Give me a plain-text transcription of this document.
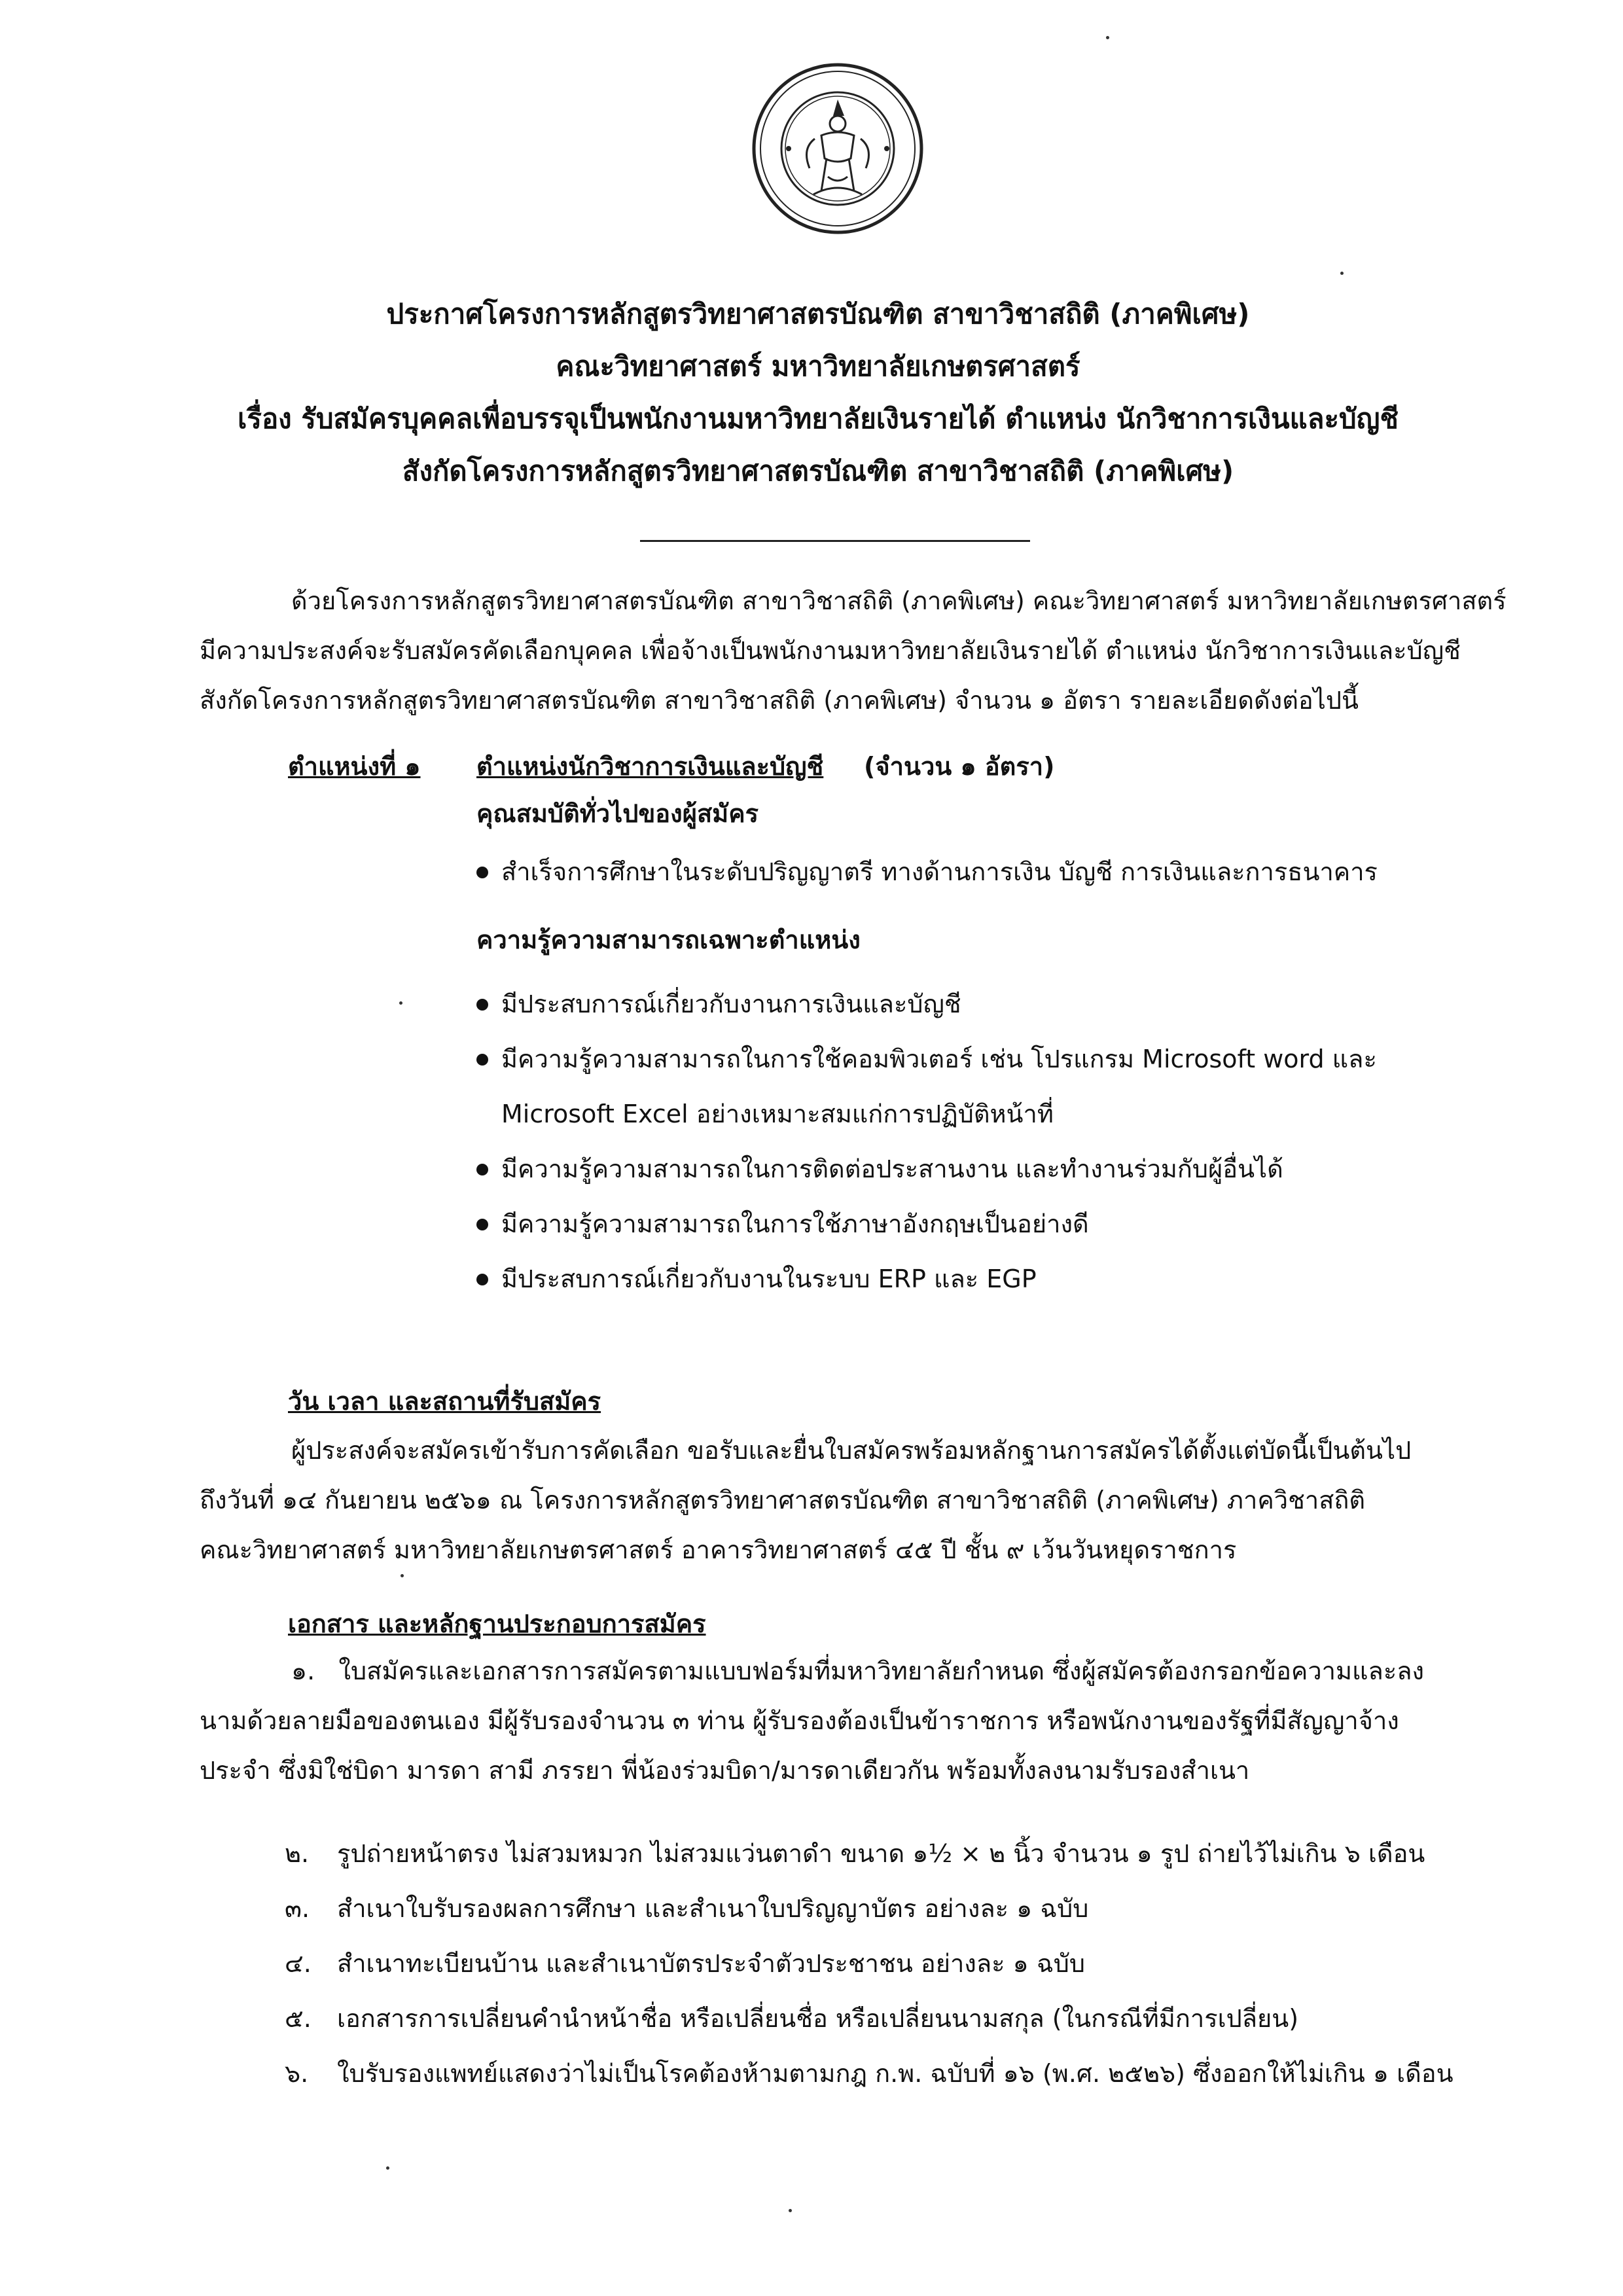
ประกาศโครงการหลักสูตรวิทยาศาสตรบัณฑิต สาขาวิชาสถิติ (ภาคพิเศษ)
คณะวิทยาศาสตร์ มหาวิทยาลัยเกษตรศาสตร์
เรื่อง รับสมัครบุคคลเพื่อบรรจุเป็นพนักงานมหาวิทยาลัยเงินรายได้ ตำแหน่ง นักวิชาการเงินและบัญชี
สังกัดโครงการหลักสูตรวิทยาศาสตรบัณฑิต สาขาวิชาสถิติ (ภาคพิเศษ)
ด้วยโครงการหลักสูตรวิทยาศาสตรบัณฑิต สาขาวิชาสถิติ (ภาคพิเศษ) คณะวิทยาศาสตร์ มหาวิทยาลัยเกษตรศาสตร์
มีความประสงค์จะรับสมัครคัดเลือกบุคคล เพื่อจ้างเป็นพนักงานมหาวิทยาลัยเงินรายได้ ตำแหน่ง นักวิชาการเงินและบัญชี
สังกัดโครงการหลักสูตรวิทยาศาสตรบัณฑิต สาขาวิชาสถิติ (ภาคพิเศษ) จำนวน ๑ อัตรา รายละเอียดดังต่อไปนี้
ตำแหน่งที่ ๑ ตำแหน่งนักวิชาการเงินและบัญชี (จำนวน ๑ อัตรา)
คุณสมบัติทั่วไปของผู้สมัคร
สำเร็จการศึกษาในระดับปริญญาตรี ทางด้านการเงิน บัญชี การเงินและการธนาคาร
ความรู้ความสามารถเฉพาะตำแหน่ง
มีประสบการณ์เกี่ยวกับงานการเงินและบัญชี
มีความรู้ความสามารถในการใช้คอมพิวเตอร์ เช่น โปรแกรม Microsoft word และ
Microsoft Excel อย่างเหมาะสมแก่การปฏิบัติหน้าที่
มีความรู้ความสามารถในการติดต่อประสานงาน และทำงานร่วมกับผู้อื่นได้
มีความรู้ความสามารถในการใช้ภาษาอังกฤษเป็นอย่างดี
มีประสบการณ์เกี่ยวกับงานในระบบ ERP และ EGP
วัน เวลา และสถานที่รับสมัคร
ผู้ประสงค์จะสมัครเข้ารับการคัดเลือก ขอรับและยื่นใบสมัครพร้อมหลักฐานการสมัครได้ตั้งแต่บัดนี้เป็นต้นไป
ถึงวันที่ ๑๔ กันยายน ๒๕๖๑ ณ โครงการหลักสูตรวิทยาศาสตรบัณฑิต สาขาวิชาสถิติ (ภาคพิเศษ) ภาควิชาสถิติ
คณะวิทยาศาสตร์ มหาวิทยาลัยเกษตรศาสตร์ อาคารวิทยาศาสตร์ ๔๕ ปี ชั้น ๙ เว้นวันหยุดราชการ
เอกสาร และหลักฐานประกอบการสมัคร
๑. ใบสมัครและเอกสารการสมัครตามแบบฟอร์มที่มหาวิทยาลัยกำหนด ซึ่งผู้สมัครต้องกรอกข้อความและลง
นามด้วยลายมือของตนเอง มีผู้รับรองจำนวน ๓ ท่าน ผู้รับรองต้องเป็นข้าราชการ หรือพนักงานของรัฐที่มีสัญญาจ้าง
ประจำ ซึ่งมิใช่บิดา มารดา สามี ภรรยา พี่น้องร่วมบิดา/มารดาเดียวกัน พร้อมทั้งลงนามรับรองสำเนา
๒. รูปถ่ายหน้าตรง ไม่สวมหมวก ไม่สวมแว่นตาดำ ขนาด ๑½ × ๒ นิ้ว จำนวน ๑ รูป ถ่ายไว้ไม่เกิน ๖ เดือน
๓. สำเนาใบรับรองผลการศึกษา และสำเนาใบปริญญาบัตร อย่างละ ๑ ฉบับ
๔. สำเนาทะเบียนบ้าน และสำเนาบัตรประจำตัวประชาชน อย่างละ ๑ ฉบับ
๕. เอกสารการเปลี่ยนคำนำหน้าชื่อ หรือเปลี่ยนชื่อ หรือเปลี่ยนนามสกุล (ในกรณีที่มีการเปลี่ยน)
๖. ใบรับรองแพทย์แสดงว่าไม่เป็นโรคต้องห้ามตามกฎ ก.พ. ฉบับที่ ๑๖ (พ.ศ. ๒๕๒๖) ซึ่งออกให้ไม่เกิน ๑ เดือน
